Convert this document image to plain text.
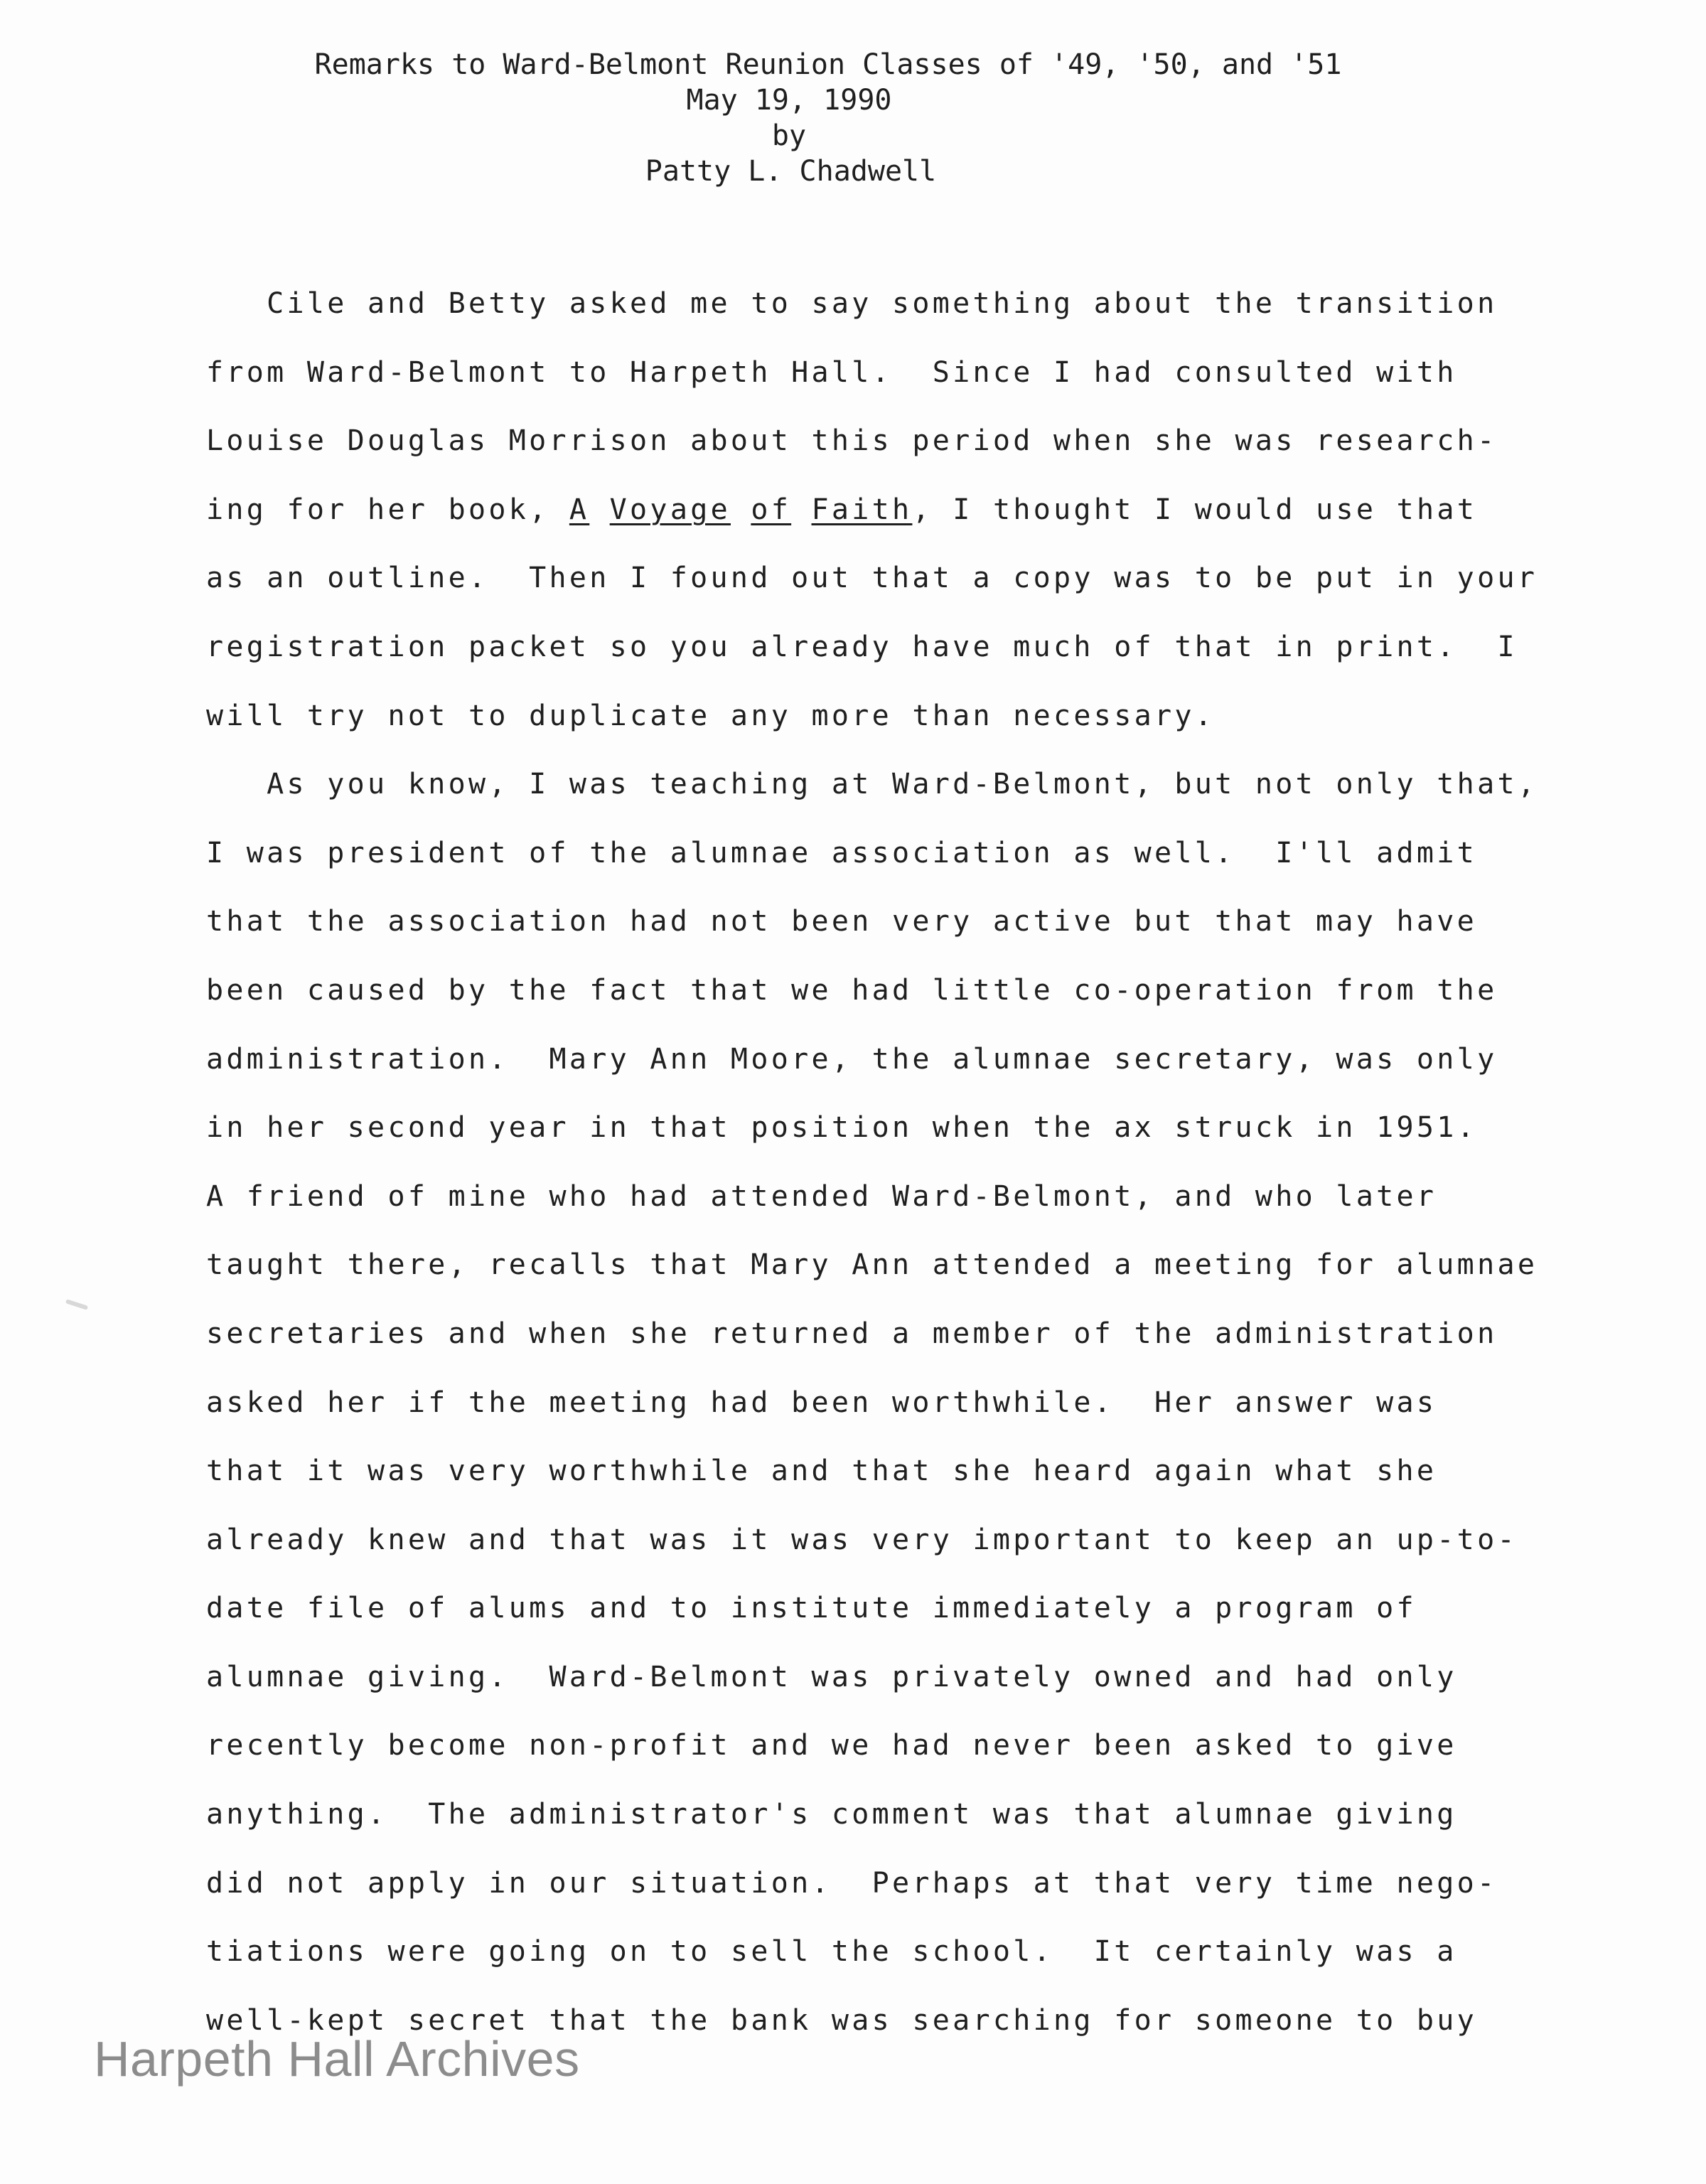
Remarks to Ward-Belmont Reunion Classes of '49, '50, and '51
May 19, 1990
by
Patty L. Chadwell
Cile and Betty asked me to say something about the transition
from Ward-Belmont to Harpeth Hall.  Since I had consulted with
Louise Douglas Morrison about this period when she was research-
ing for her book, A Voyage of Faith, I thought I would use that
as an outline.  Then I found out that a copy was to be put in your
registration packet so you already have much of that in print.  I
will try not to duplicate any more than necessary.
As you know, I was teaching at Ward-Belmont, but not only that,
I was president of the alumnae association as well.  I'll admit
that the association had not been very active but that may have
been caused by the fact that we had little co-operation from the
administration.  Mary Ann Moore, the alumnae secretary, was only
in her second year in that position when the ax struck in 1951.
A friend of mine who had attended Ward-Belmont, and who later
taught there, recalls that Mary Ann attended a meeting for alumnae
secretaries and when she returned a member of the administration
asked her if the meeting had been worthwhile.  Her answer was
that it was very worthwhile and that she heard again what she
already knew and that was it was very important to keep an up-to-
date file of alums and to institute immediately a program of
alumnae giving.  Ward-Belmont was privately owned and had only
recently become non-profit and we had never been asked to give
anything.  The administrator's comment was that alumnae giving
did not apply in our situation.  Perhaps at that very time nego-
tiations were going on to sell the school.  It certainly was a
well-kept secret that the bank was searching for someone to buy
Harpeth Hall Archives
